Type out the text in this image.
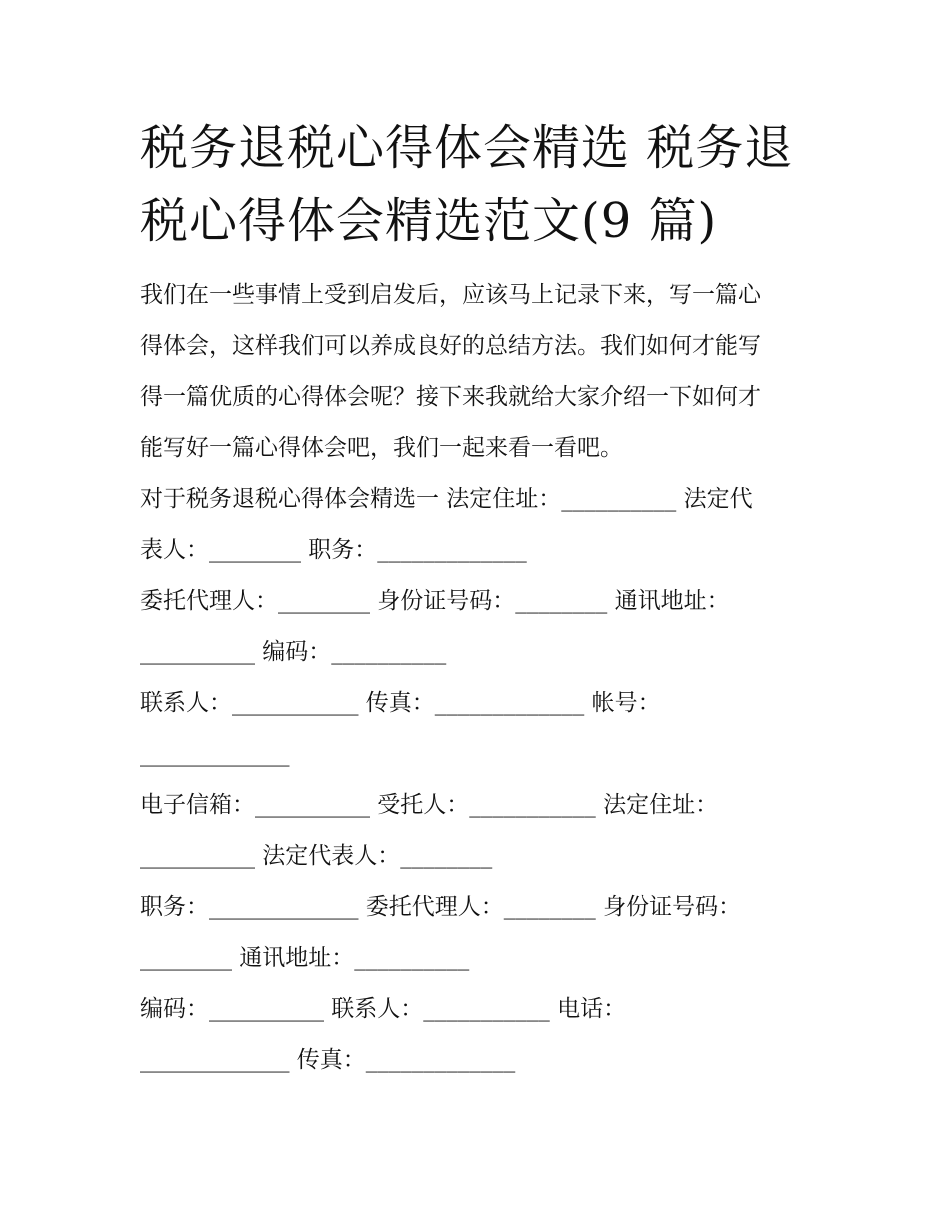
税务退税心得体会精选 税务退
税心得体会精选范文(9 篇)

我们在一些事情上受到启发后，应该马上记录下来，写一篇心

得体会，这样我们可以养成良好的总结方法。我们如何才能写

得一篇优质的心得体会呢？接下来我就给大家介绍一下如何才

能写好一篇心得体会吧，我们一起来看一看吧。

对于税务退税心得体会精选一 法定住址：__________ 法定代

表人：________ 职务：_____________

委托代理人：________ 身份证号码：________ 通讯地址：

__________ 编码：__________

联系人：___________ 传真：_____________ 帐号：

_____________

电子信箱：__________ 受托人：___________ 法定住址：

__________ 法定代表人：________

职务：_____________ 委托代理人：________ 身份证号码：

________ 通讯地址：__________

编码：__________ 联系人：___________ 电话：

_____________ 传真：_____________
